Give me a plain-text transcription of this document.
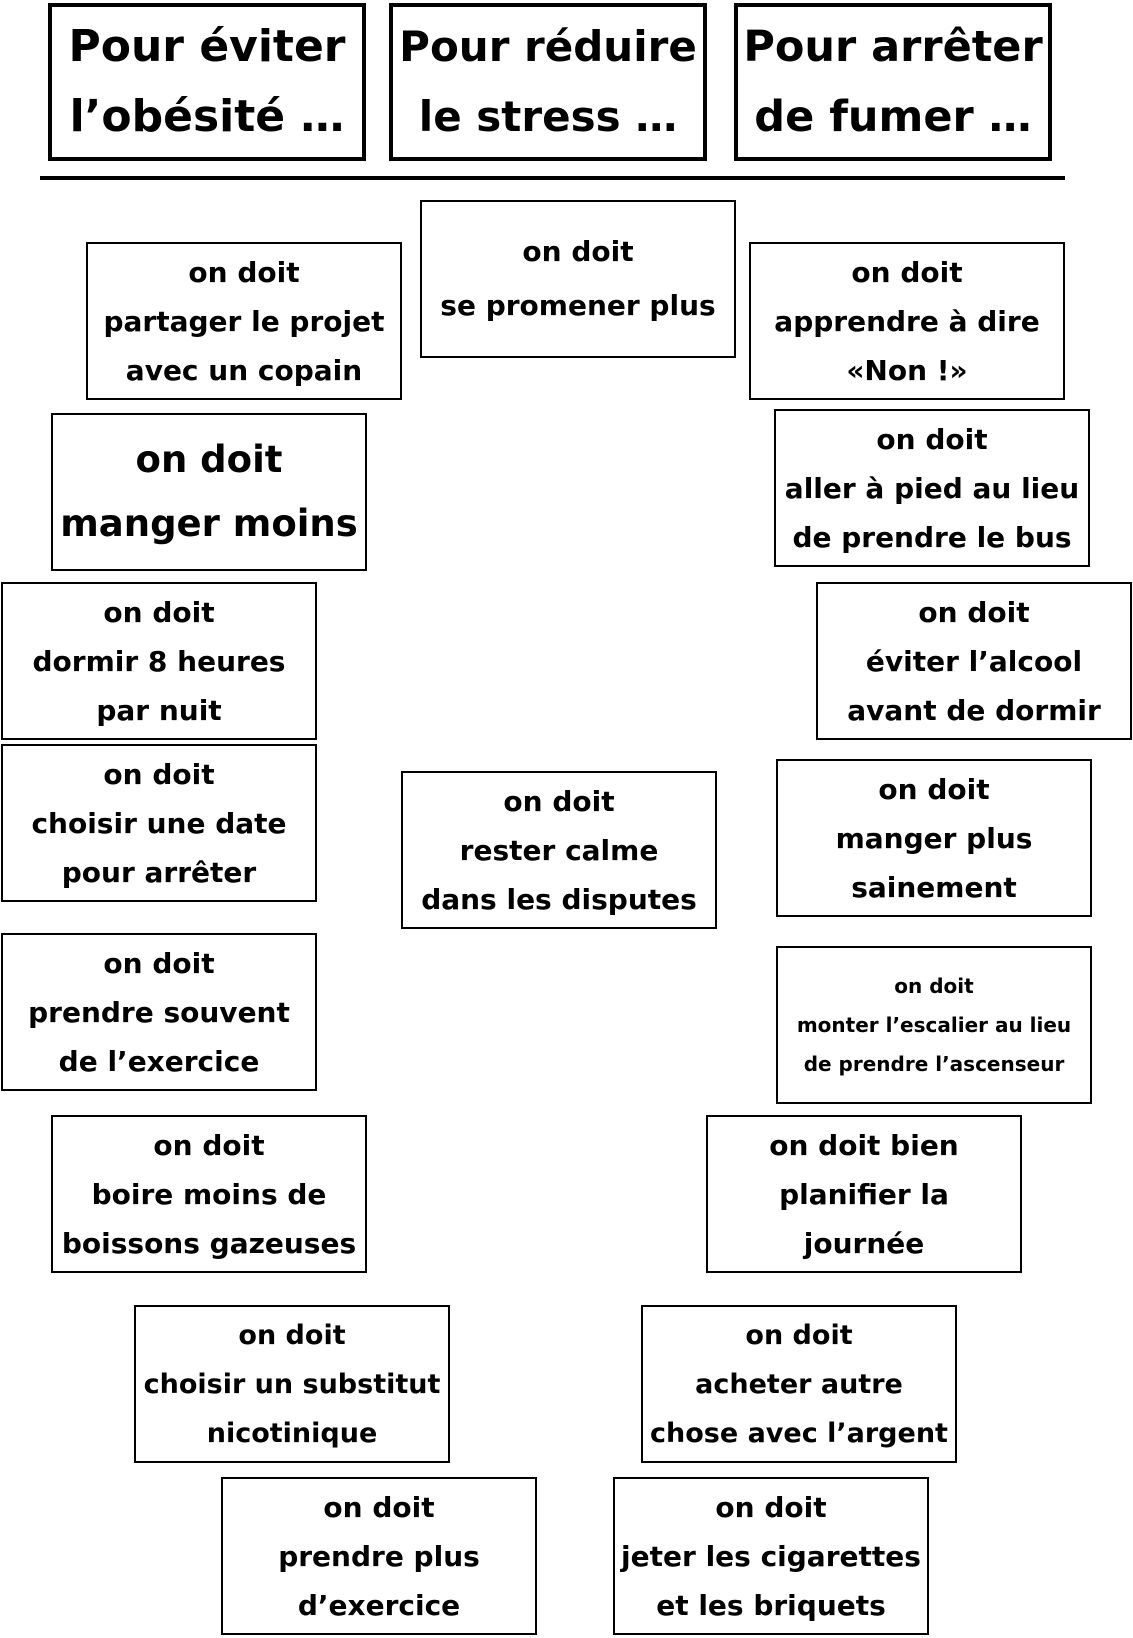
Pour éviter
l’obésité …
Pour réduire
le stress …
Pour arrêter
de fumer …
on doit
partager le projet
avec un copain
on doit
se promener plus
on doit
apprendre à dire
«Non !»
on doit
manger moins
on doit
aller à pied au lieu
de prendre le bus
on doit
dormir 8 heures
par nuit
on doit
éviter l’alcool
avant de dormir
on doit
choisir une date
pour arrêter
on doit
rester calme
dans les disputes
on doit
manger plus
sainement
on doit
prendre souvent
de l’exercice
on doit
monter l’escalier au lieu
de prendre l’ascenseur
on doit
boire moins de
boissons gazeuses
on doit bien
planifier la
journée
on doit
choisir un substitut
nicotinique
on doit
acheter autre
chose avec l’argent
on doit
prendre plus
d’exercice
on doit
jeter les cigarettes
et les briquets
